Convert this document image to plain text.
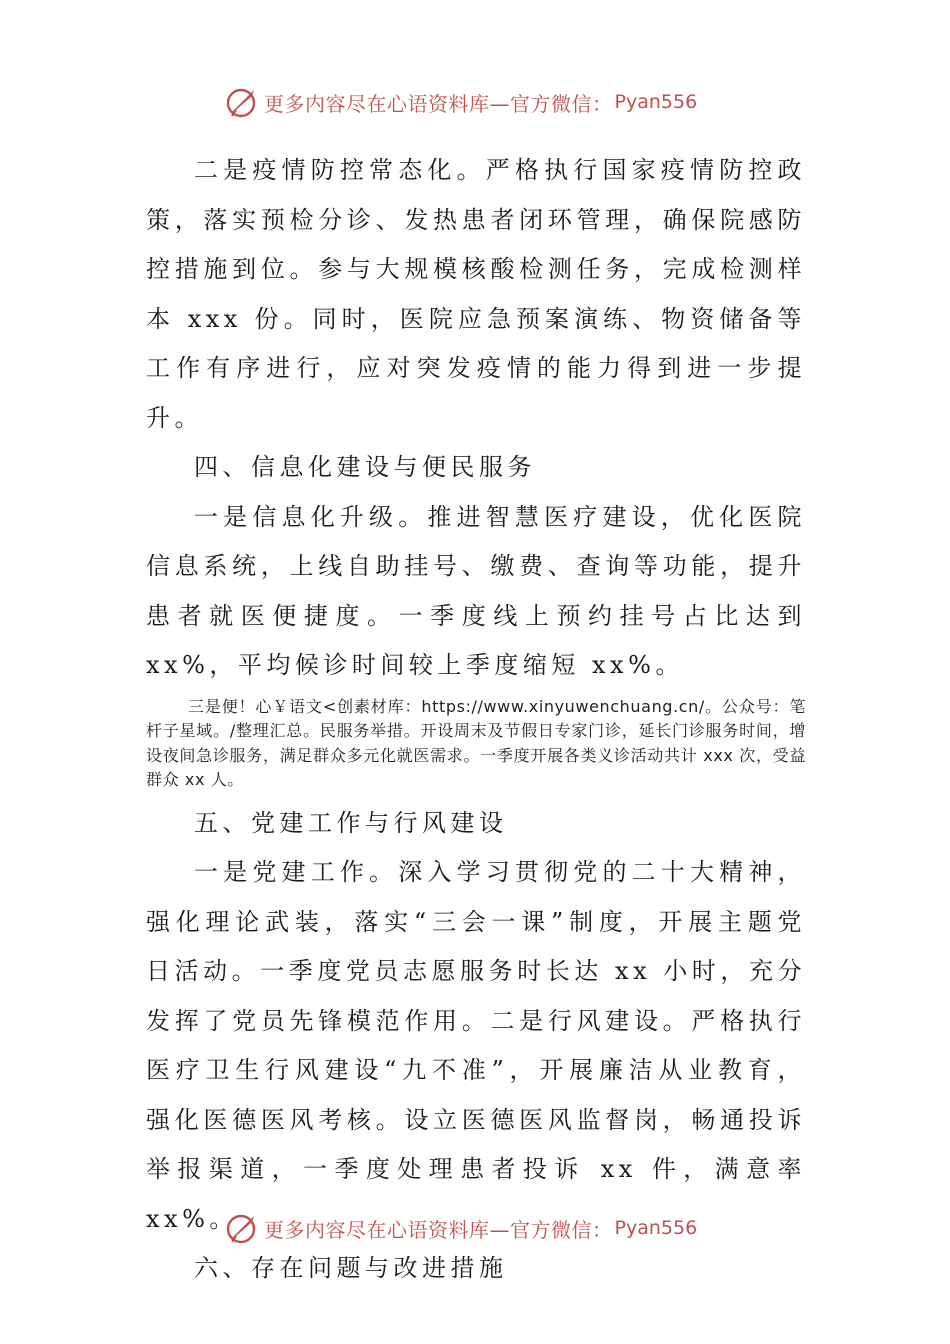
更多内容尽在心语资料库—官方微信： Pyan556

二是疫情防控常态化。严格执行国家疫情防控政策，落实预检分诊、发热患者闭环管理，确保院感防控措施到位。参与大规模核酸检测任务，完成检测样本 xxx 份。同时，医院应急预案演练、物资储备等工作有序进行，应对突发疫情的能力得到进一步提升。

四、信息化建设与便民服务

一是信息化升级。推进智慧医疗建设，优化医院信息系统，上线自助挂号、缴费、查询等功能，提升患者就医便捷度。一季度线上预约挂号占比达到 xx%，平均候诊时间较上季度缩短 xx%。

三是便！心￥语文<创素材库：https://www.xinyuwenchuang.cn/。公众号：笔杆子星域。/整理汇总。民服务举措。开设周末及节假日专家门诊，延长门诊服务时间，增设夜间急诊服务，满足群众多元化就医需求。一季度开展各类义诊活动共计 xxx 次，受益群众 xx 人。

五、党建工作与行风建设

一是党建工作。深入学习贯彻党的二十大精神，强化理论武装，落实“三会一课”制度，开展主题党日活动。一季度党员志愿服务时长达 xx 小时，充分发挥了党员先锋模范作用。二是行风建设。严格执行医疗卫生行风建设“九不准”，开展廉洁从业教育，强化医德医风考核。设立医德医风监督岗，畅通投诉举报渠道，一季度处理患者投诉 xx 件，满意率 xx%。

六、存在问题与改进措施

更多内容尽在心语资料库—官方微信： Pyan556
